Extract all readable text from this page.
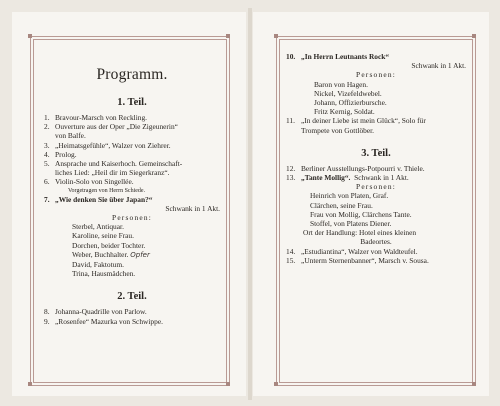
Programm.
1. Teil.
1. Bravour-Marsch von Reckling.
2. Ouverture aus der Oper „Die Zigeunerin“
von Balfe.
3. „Heimatsgefühle“, Walzer von Ziehrer.
4. Prolog.
5. Ansprache und Kaiserhoch. Gemeinschaft-
liches Lied: „Heil dir im Siegerkranz“.
6. Violin-Solo von Singellée.
Vorgetragen von Herrn Schiede.
7. „Wie denken Sie über Japan?“
Schwank in 1 Akt.
Personen:
Sterbel, Antiquar.
Karoline, seine Frau.
Dorchen, beider Tochter.
Weber, Buchhalter. Opfer
David, Faktotum.
Trina, Hausmädchen.
2. Teil.
8. Johanna-Quadrille von Parlow.
9. „Rosenfee“ Mazurka von Schwippe.
10. „In Herrn Leutnants Rock“
Schwank in 1 Akt.
Personen:
Baron von Hagen.
Nickel, Vizefeldwebel.
Johann, Offizierbursche.
Fritz Kernig, Soldat.
11. „In deiner Liebe ist mein Glück“, Solo für
Trompete von Gottlöber.
3. Teil.
12. Berliner Ausstellungs-Potpourri v. Thiele.
13. „Tante Mollig“. Schwank in 1 Akt.
Personen:
Heinrich von Platen, Graf.
Clärchen, seine Frau.
Frau von Mollig, Clärchens Tante.
Stoffel, von Platens Diener.
Ort der Handlung: Hotel eines kleinen
Badeortes.
14. „Estudiantina“, Walzer von Waldteufel.
15. „Unterm Sternenbanner“, Marsch v. Sousa.
